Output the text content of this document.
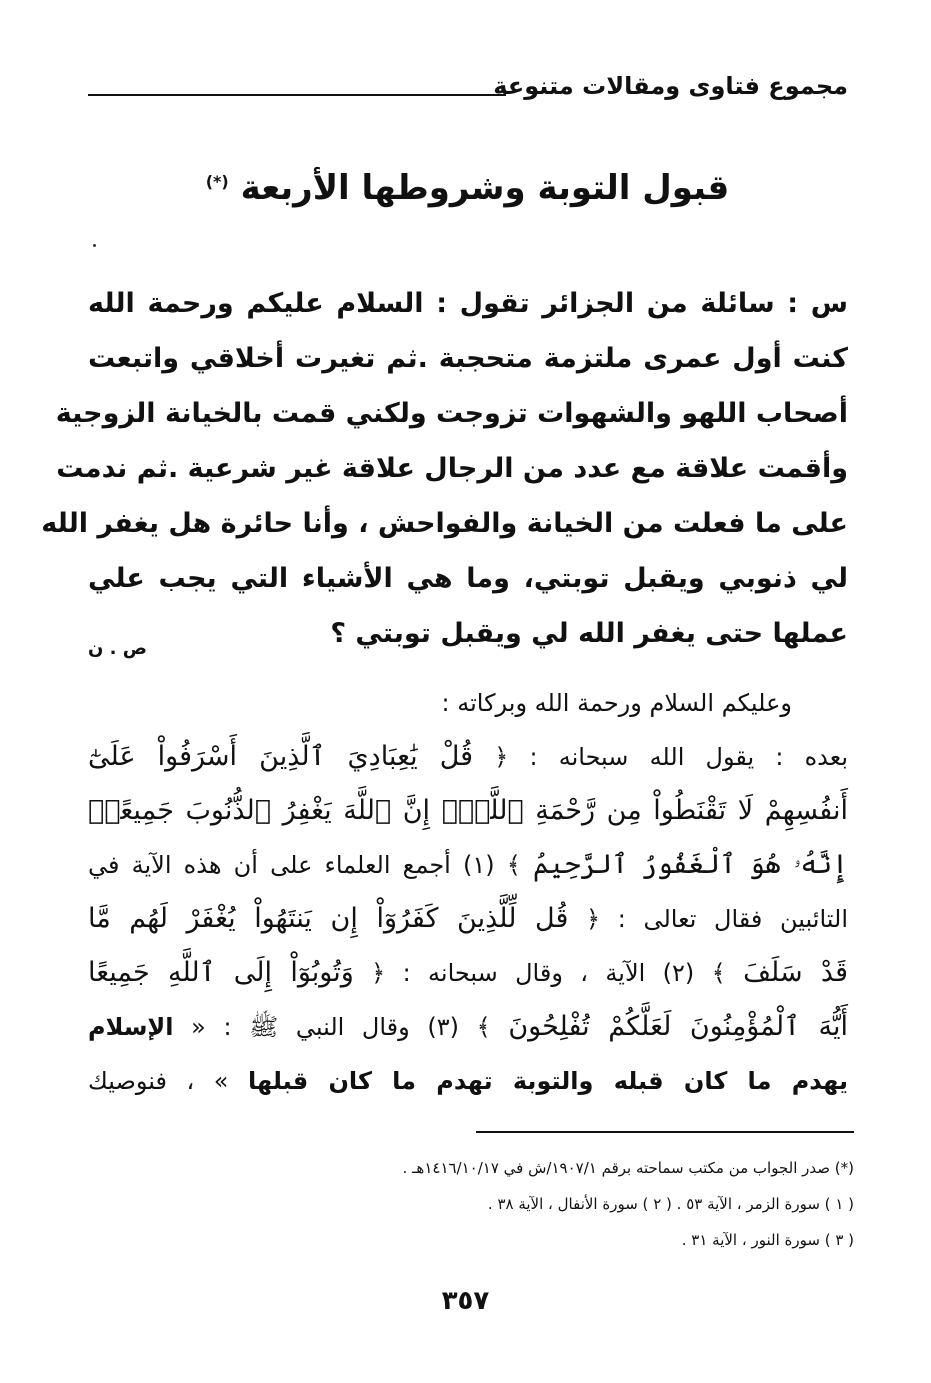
مجموع فتاوى ومقالات متنوعة
قبول التوبة وشروطها الأربعة (*)
س : سائلة من الجزائر تقول : السلام عليكم ورحمة الله
كنت أول عمرى ملتزمة متحجبة .ثم تغيرت أخلاقي واتبعت
أصحاب اللهو والشهوات تزوجت ولكني قمت بالخيانة الزوجية
وأقمت علاقة مع عدد من الرجال علاقة غير شرعية .ثم ندمت
على ما فعلت من الخيانة والفواحش ، وأنا حائرة هل يغفر الله
لي ذنوبي ويقبل توبتي، وما هي الأشياء التي يجب علي
عملها حتى يغفر الله لي ويقبل توبتي ؟
ص . ن
وعليكم السلام ورحمة الله وبركاته :
بعده : يقول الله سبحانه : ﴿ قُلْ يَٰعِبَادِيَ ٱلَّذِينَ أَسْرَفُواْ عَلَىٰٓ
أَنفُسِهِمْ لَا تَقْنَطُواْ مِن رَّحْمَةِ ٱللَّهِۚ إِنَّ ٱللَّهَ يَغْفِرُ ٱلذُّنُوبَ جَمِيعًاۚ
إِنَّهُۥ هُوَ ٱلْغَفُورُ ٱلرَّحِيمُ ﴾ (١) أجمع العلماء على أن هذه الآية في
التائبين فقال تعالى : ﴿ قُل لِّلَّذِينَ كَفَرُوٓاْ إِن يَنتَهُواْ يُغْفَرْ لَهُم مَّا
قَدْ سَلَفَ ﴾ (٢) الآية ، وقال سبحانه : ﴿ وَتُوبُوٓاْ إِلَى ٱللَّهِ جَمِيعًا
أَيُّهَ ٱلْمُؤْمِنُونَ لَعَلَّكُمْ تُفْلِحُونَ ﴾ (٣) وقال النبي ﷺ : « الإسلام
يهدم ما كان قبله والتوبة تهدم ما كان قبلها » ، فنوصيك
(*) صدر الجواب من مكتب سماحته برقم ١٩٠٧/١/ش في ١٤١٦/١٠/١٧هـ .
( ١ ) سورة الزمر ، الآية ٥٣ . ( ٢ ) سورة الأنفال ، الآية ٣٨ .
( ٣ ) سورة النور ، الآية ٣١ .
٣٥٧
